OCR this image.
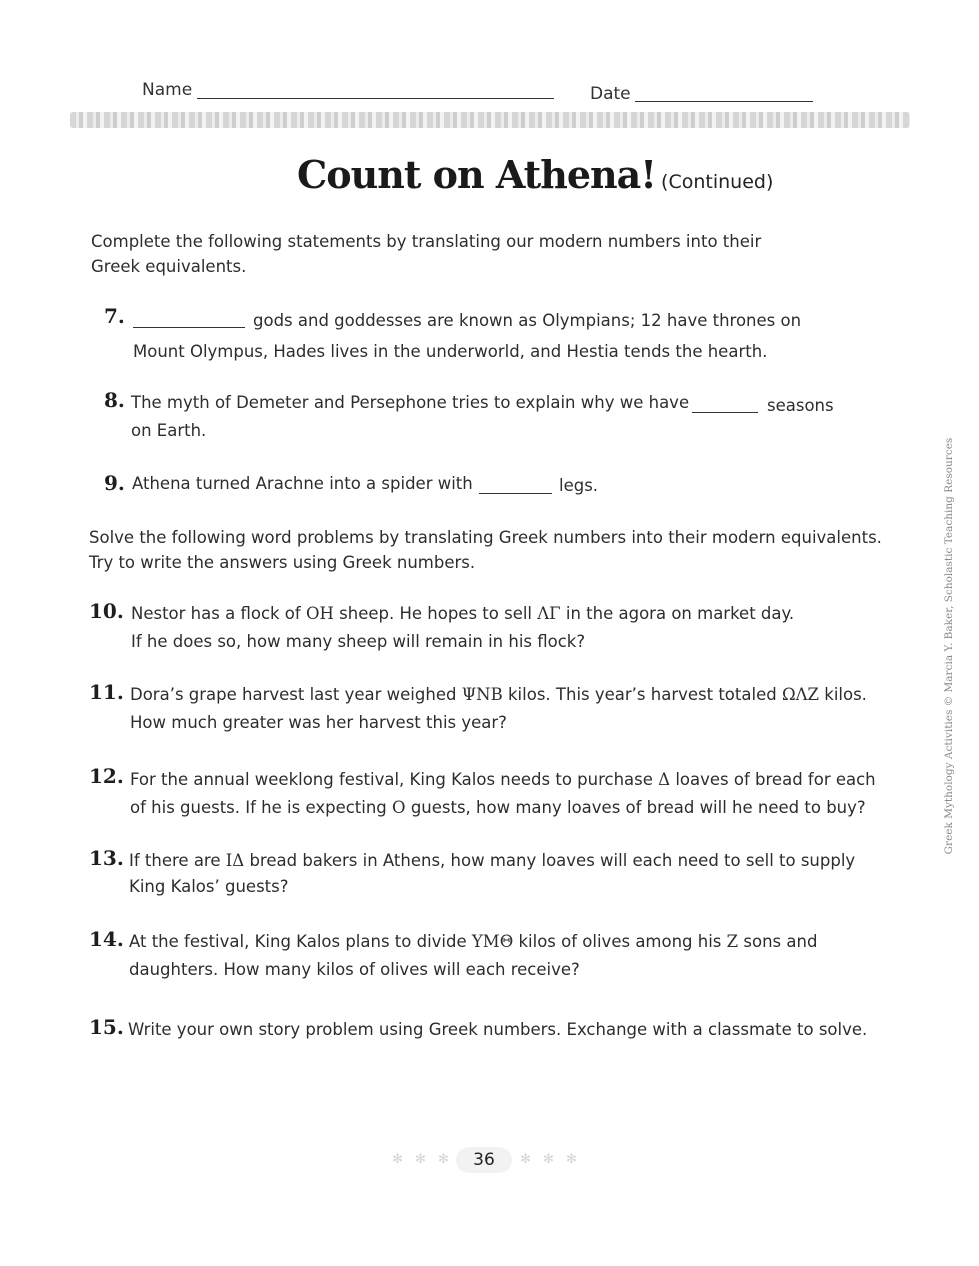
Name	Date
Count on Athena! (Continued)
Complete the following statements by translating our modern numbers into their Greek equivalents.
7.	gods and goddesses are known as Olympians; 12 have thrones on
Mount Olympus, Hades lives in the underworld, and Hestia tends the hearth.
8. The myth of Demeter and Persephone tries to explain why we have	seasons
on Earth.
9. Athena turned Arachne into a spider with	legs.
Solve the following word problems by translating Greek numbers into their modern equivalents. Try to write the answers using Greek numbers.
10. Nestor has a flock of ΟΗ sheep. He hopes to sell ΛΓ in the agora on market day.
If he does so, how many sheep will remain in his flock?
11. Dora’s grape harvest last year weighed ΨΝΒ kilos. This year’s harvest totaled ΩΛΖ kilos.
How much greater was her harvest this year?
12. For the annual weeklong festival, King Kalos needs to purchase Δ loaves of bread for each
of his guests. If he is expecting Ο guests, how many loaves of bread will he need to buy?
13. If there are ΙΔ bread bakers in Athens, how many loaves will each need to sell to supply
King Kalos’ guests?
14. At the festival, King Kalos plans to divide ΥΜΘ kilos of olives among his Ζ sons and
daughters. How many kilos of olives will each receive?
15. Write your own story problem using Greek numbers. Exchange with a classmate to solve.
Greek Mythology Activities © Marcia Y. Baker, Scholastic Teaching Resources
✻ ✻ ✻	36	✻ ✻ ✻
